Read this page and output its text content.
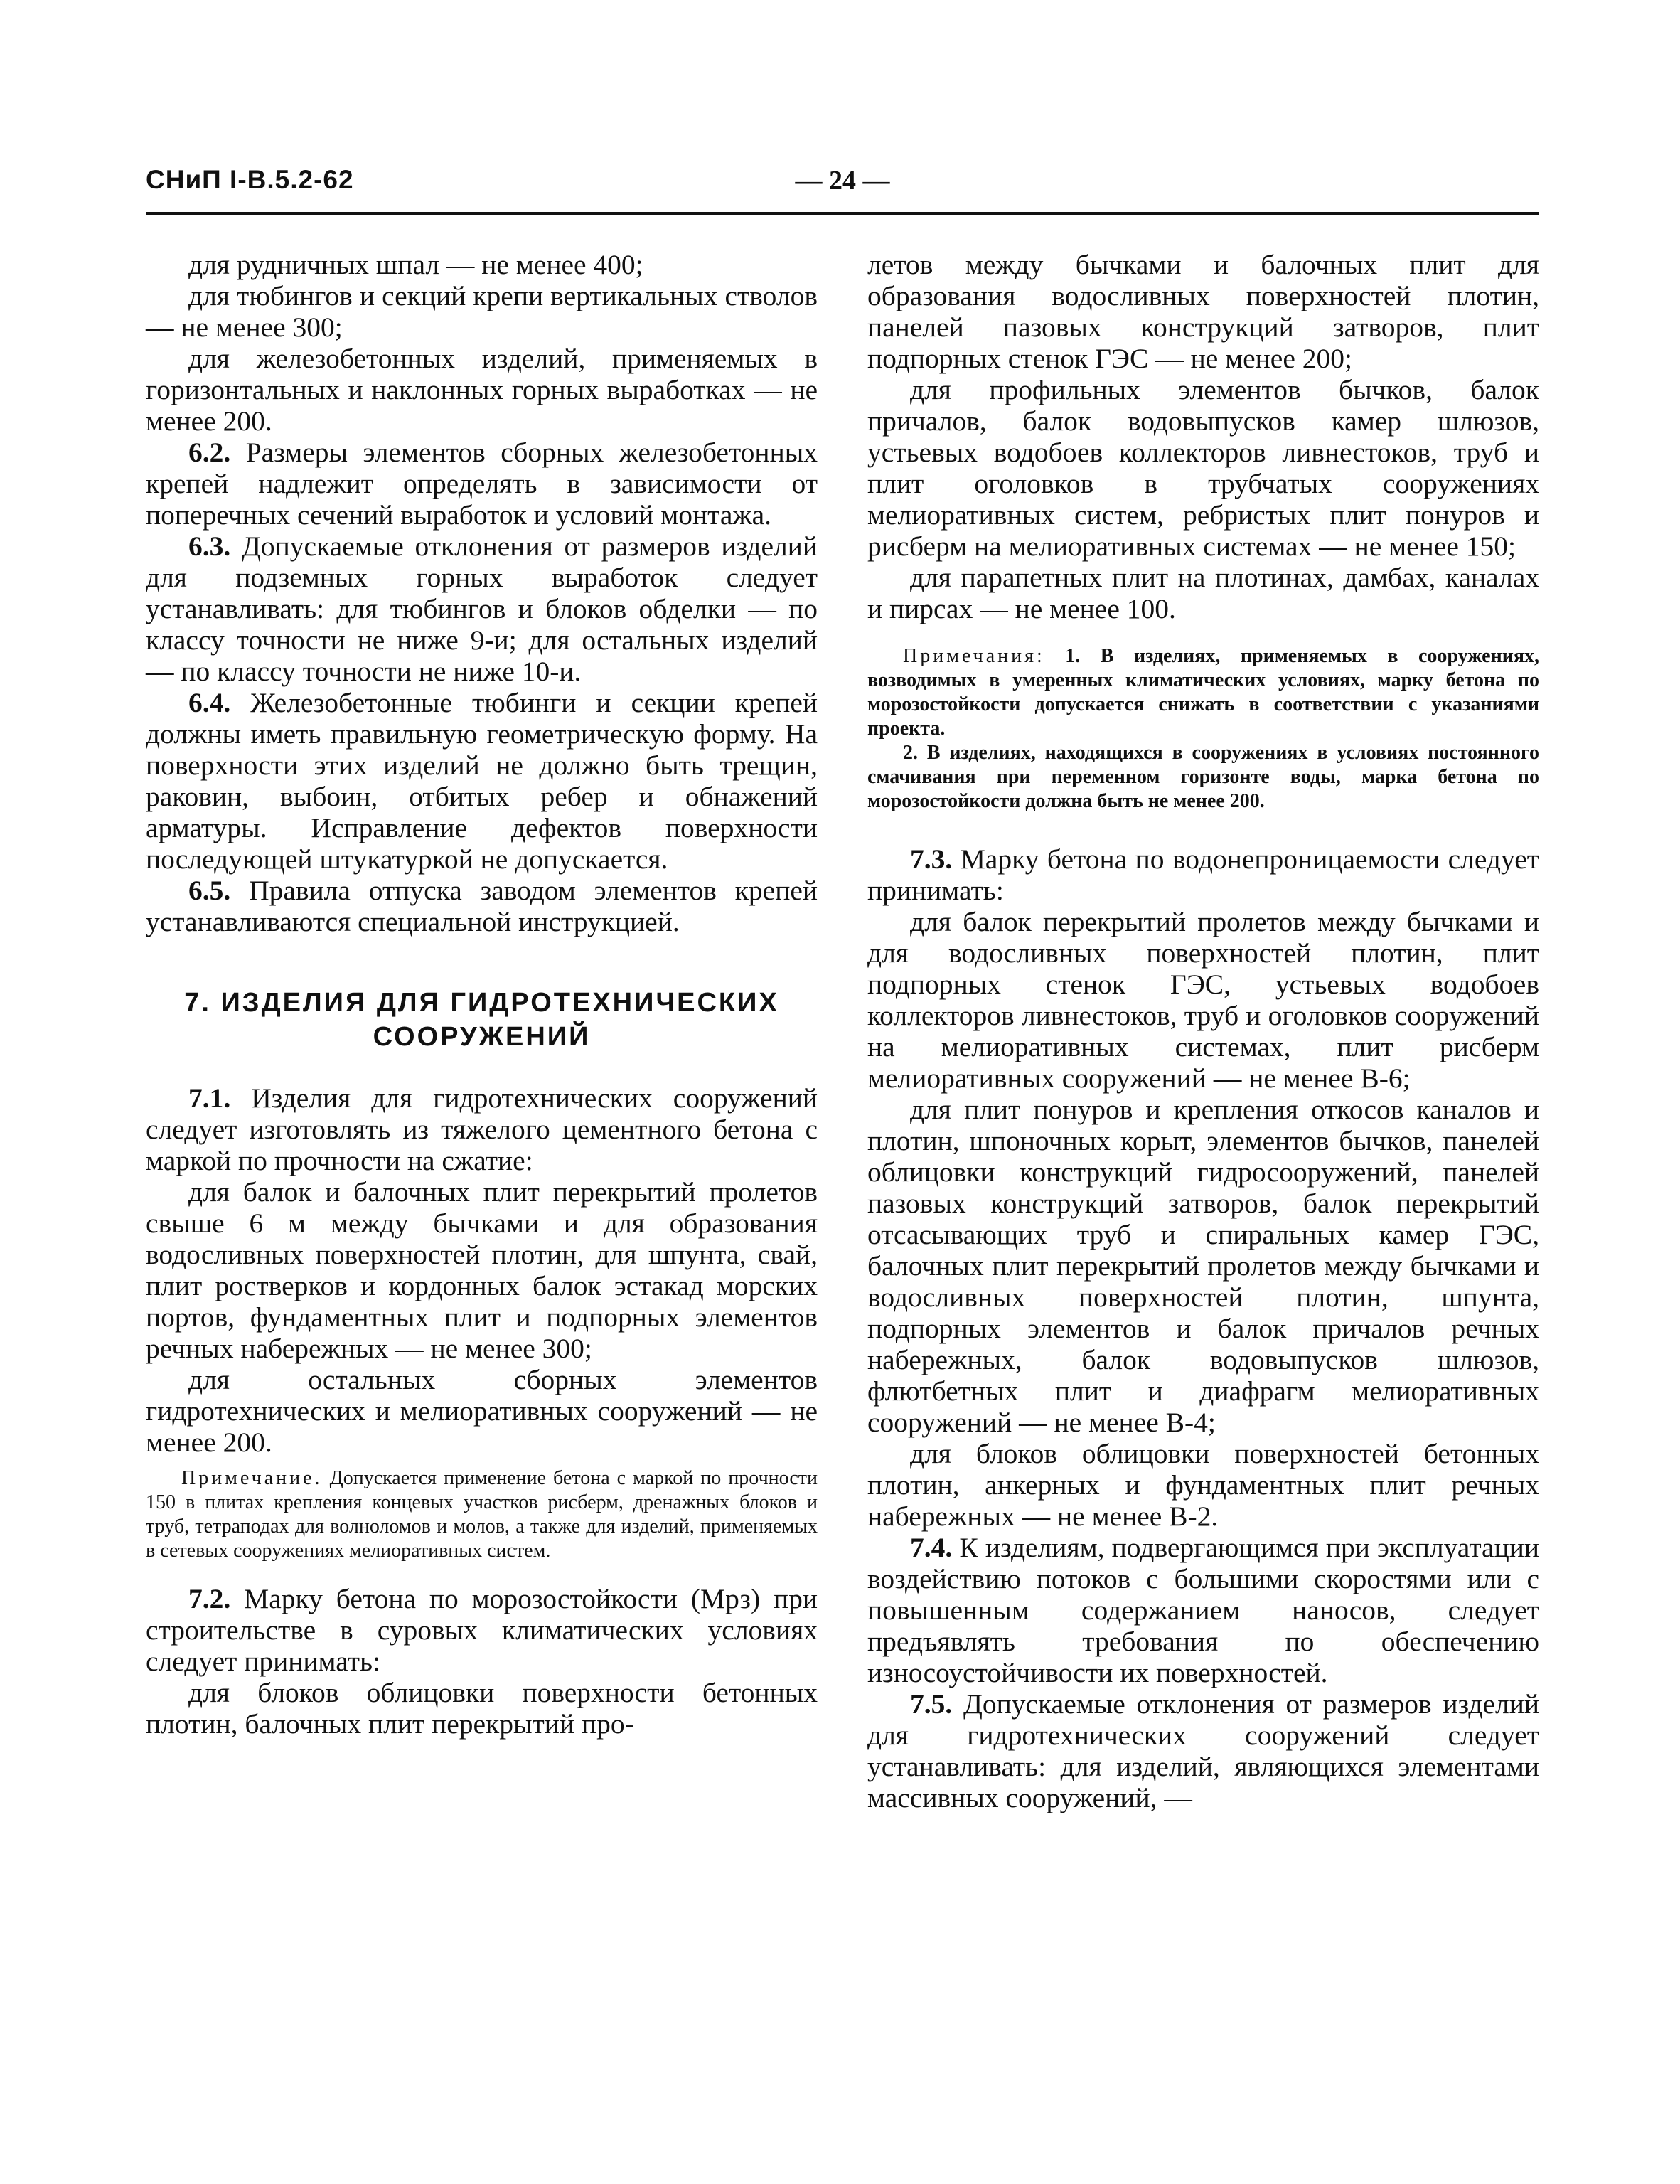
СНиП I-В.5.2-62	— 24 —

для рудничных шпал — не менее 400;

для тюбингов и секций крепи вертикальных стволов — не менее 300;

для железобетонных изделий, применяемых в горизонтальных и наклонных горных выработках — не менее 200.

6.2. Размеры элементов сборных железобетонных крепей надлежит определять в зависимости от поперечных сечений выработок и условий монтажа.

6.3. Допускаемые отклонения от размеров изделий для подземных горных выработок следует устанавливать: для тюбингов и блоков обделки — по классу точности не ниже 9-и; для остальных изделий — по классу точности не ниже 10-и.

6.4. Железобетонные тюбинги и секции крепей должны иметь правильную геометрическую форму. На поверхности этих изделий не должно быть трещин, раковин, выбоин, отбитых ребер и обнажений арматуры. Исправление дефектов поверхности последующей штукатуркой не допускается.

6.5. Правила отпуска заводом элементов крепей устанавливаются специальной инструкцией.

7. ИЗДЕЛИЯ ДЛЯ ГИДРОТЕХНИЧЕСКИХ
СООРУЖЕНИЙ

7.1. Изделия для гидротехнических сооружений следует изготовлять из тяжелого цементного бетона с маркой по прочности на сжатие:

для балок и балочных плит перекрытий пролетов свыше 6 м между бычками и для образования водосливных поверхностей плотин, для шпунта, свай, плит ростверков и кордонных балок эстакад морских портов, фундаментных плит и подпорных элементов речных набережных — не менее 300;

для остальных сборных элементов гидротехнических и мелиоративных сооружений — не менее 200.

Примечание. Допускается применение бетона с маркой по прочности 150 в плитах крепления концевых участков рисберм, дренажных блоков и труб, тетраподах для волноломов и молов, а также для изделий, применяемых в сетевых сооружениях мелиоративных систем.

7.2. Марку бетона по морозостойкости (Мрз) при строительстве в суровых климатических условиях следует принимать:

для блоков облицовки поверхности бетонных плотин, балочных плит перекрытий про-

летов между бычками и балочных плит для образования водосливных поверхностей плотин, панелей пазовых конструкций затворов, плит подпорных стенок ГЭС — не менее 200;

для профильных элементов бычков, балок причалов, балок водовыпусков камер шлюзов, устьевых водобоев коллекторов ливнестоков, труб и плит оголовков в трубчатых сооружениях мелиоративных систем, ребристых плит понуров и рисберм на мелиоративных системах — не менее 150;

для парапетных плит на плотинах, дамбах, каналах и пирсах — не менее 100.

Примечания: 1. В изделиях, применяемых в сооружениях, возводимых в умеренных климатических условиях, марку бетона по морозостойкости допускается снижать в соответствии с указаниями проекта.

2. В изделиях, находящихся в сооружениях в условиях постоянного смачивания при переменном горизонте воды, марка бетона по морозостойкости должна быть не менее 200.

7.3. Марку бетона по водонепроницаемости следует принимать:

для балок перекрытий пролетов между бычками и для водосливных поверхностей плотин, плит подпорных стенок ГЭС, устьевых водобоев коллекторов ливнестоков, труб и оголовков сооружений на мелиоративных системах, плит рисберм мелиоративных сооружений — не менее В-6;

для плит понуров и крепления откосов каналов и плотин, шпоночных корыт, элементов бычков, панелей облицовки конструкций гидросооружений, панелей пазовых конструкций затворов, балок перекрытий отсасывающих труб и спиральных камер ГЭС, балочных плит перекрытий пролетов между бычками и водосливных поверхностей плотин, шпунта, подпорных элементов и балок причалов речных набережных, балок водовыпусков шлюзов, флютбетных плит и диафрагм мелиоративных сооружений — не менее В-4;

для блоков облицовки поверхностей бетонных плотин, анкерных и фундаментных плит речных набережных — не менее В-2.

7.4. К изделиям, подвергающимся при эксплуатации воздействию потоков с большими скоростями или с повышенным содержанием наносов, следует предъявлять требования по обеспечению износоустойчивости их поверхностей.

7.5. Допускаемые отклонения от размеров изделий для гидротехнических сооружений следует устанавливать: для изделий, являющихся элементами массивных сооружений, —
